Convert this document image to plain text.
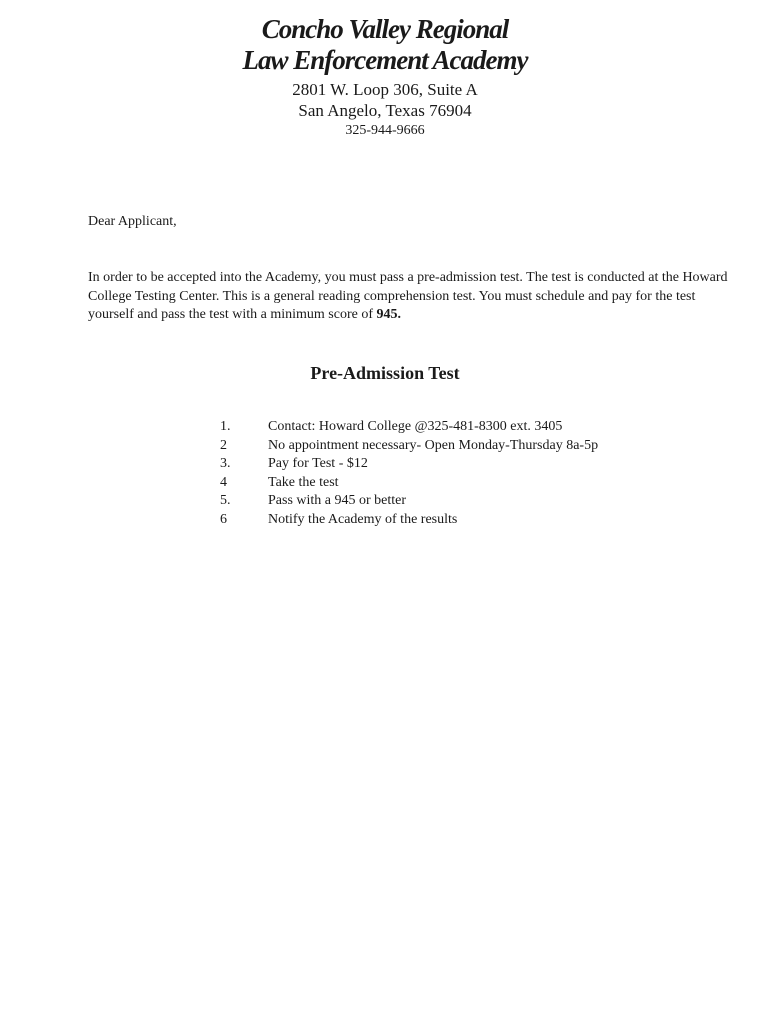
Concho Valley Regional
Law Enforcement Academy
2801 W. Loop 306, Suite A
San Angelo, Texas 76904
325-944-9666
Dear Applicant,
In order to be accepted into the Academy, you must pass a pre-admission test. The test is conducted at the Howard College Testing Center. This is a general reading comprehension test. You must schedule and pay for the test yourself and pass the test with a minimum score of 945.
Pre-Admission Test
1.	Contact: Howard College @325-481-8300 ext. 3405
2	No appointment necessary- Open Monday-Thursday 8a-5p
3.	Pay for Test - $12
4	Take the test
5.	Pass with a 945 or better
6	Notify the Academy of the results
